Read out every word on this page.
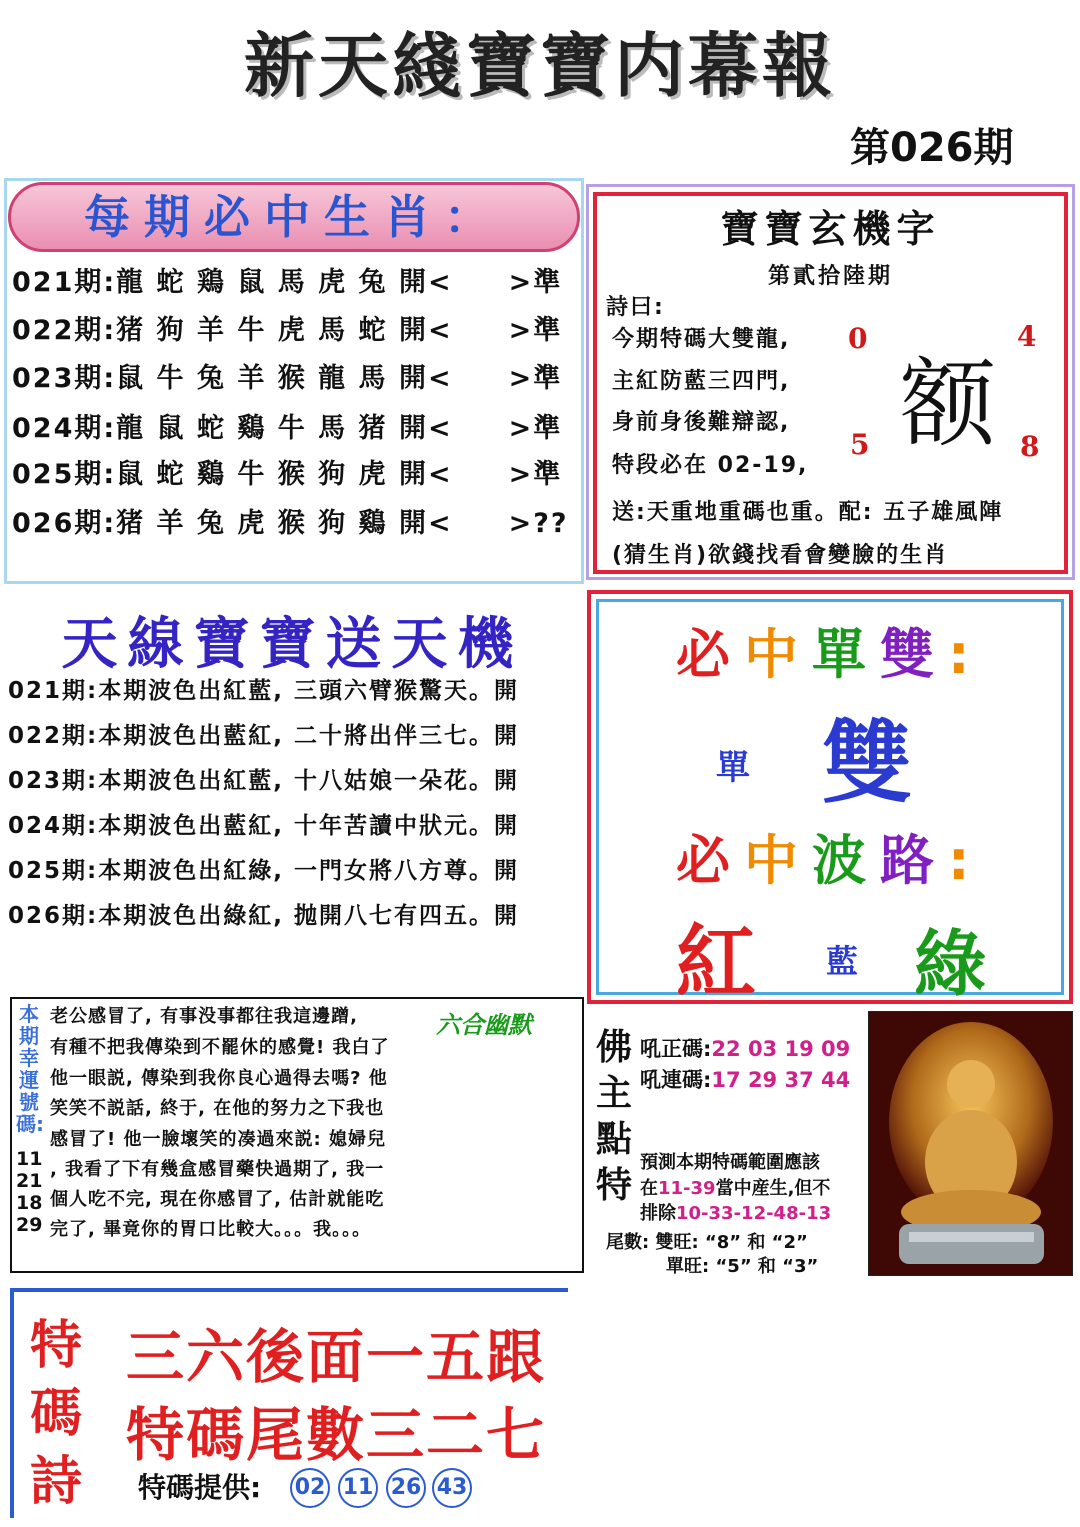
新天綫寶寶内幕報
第026期
每期必中生肖：
021期:龍 蛇 鶏 鼠 馬 虎 兔 開< >準
022期:猪 狗 羊 牛 虎 馬 蛇 開< >準
023期:鼠 牛 兔 羊 猴 龍 馬 開< >準
024期:龍 鼠 蛇 鷄 牛 馬 猪 開< >準
025期:鼠 蛇 鷄 牛 猴 狗 虎 開< >準
026期:猪 羊 兔 虎 猴 狗 鷄 開< >??
寶寶玄機字
第貳拾陸期
詩曰:
今期特碼大雙龍,
主紅防藍三四門,
身前身後難辯認,
特段必在 02-19,
额
0	4
5	8
送:天重地重碼也重。配: 五子雄風陣
(猜生肖)欲錢找看會變臉的生肖
天線寶寶送天機
021期:本期波色出紅藍, 三頭六臂猴驚天。開
022期:本期波色出藍紅, 二十將出伴三七。開
023期:本期波色出紅藍, 十八姑娘一朵花。開
024期:本期波色出藍紅, 十年苦讀中狀元。開
025期:本期波色出紅綠, 一門女將八方尊。開
026期:本期波色出綠紅, 抛開八七有四五。開
必中單雙:
單 雙
必中波路:
紅 藍 綠
本期幸運號碼:
11 21 18 29
六合幽默
老公感冒了, 有事没事都往我這邊蹭,
有種不把我傳染到不罷休的感覺! 我白了
他一眼説, 傳染到我你良心過得去嗎? 他
笑笑不説話, 終于, 在他的努力之下我也
感冒了! 他一臉壞笑的凑過來説: 媳婦兒
, 我看了下有幾盒感冒藥快過期了, 我一
個人吃不完, 現在你感冒了, 估計就能吃
完了, 畢竟你的胃口比較大。。。我。。。
佛主點特
吼正碼:22 03 19 09
吼連碼:17 29 37 44
預測本期特碼範圍應該
在11-39當中産生,但不
排除10-33-12-48-13
尾數: 雙旺: “8” 和 “2”
單旺: “5” 和 “3”
特碼詩
三六後面一五跟
特碼尾數三二七
特碼提供: 02 11 26 43
